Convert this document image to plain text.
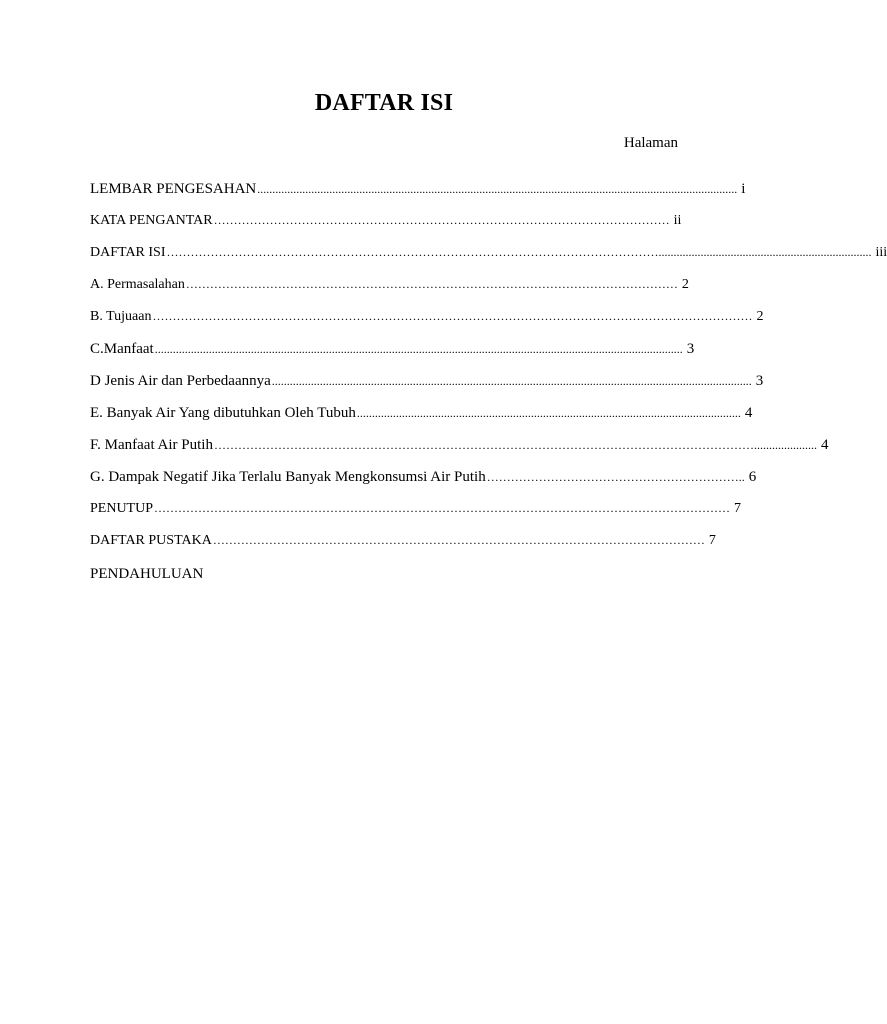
DAFTAR ISI
Halaman
LEMBAR PENGESAHAN ................................................................................................................................................................ i
KATA PENGANTAR …………………………………………………………………………………………………… ii
DAFTAR ISI ……………………………………………………………………………………………………………....................................................................... iii
A. Permasalahan …………………………………………………………………………………………………………… 2
B. Tujuaan …………………………………………………………………………………………………………………………………… 2
C.Manfaat ................................................................................................................................................................................ 3
D Jenis Air dan Perbedaannya ................................................................................................................................................................ 3
E. Banyak Air Yang dibutuhkan Oleh Tubuh ................................................................................................................................ 4
F. Manfaat Air Putih ………………………………………………………………………………………………………………………..................... 4
G. Dampak Negatif Jika Terlalu Banyak Mengkonsumsi Air Putih ……………………………………………………….. 6
PENUTUP ……………………………………………………………………………………………………………………………… 7
DAFTAR PUSTAKA …………………………………………………………………………………………………………… 7
PENDAHULUAN
